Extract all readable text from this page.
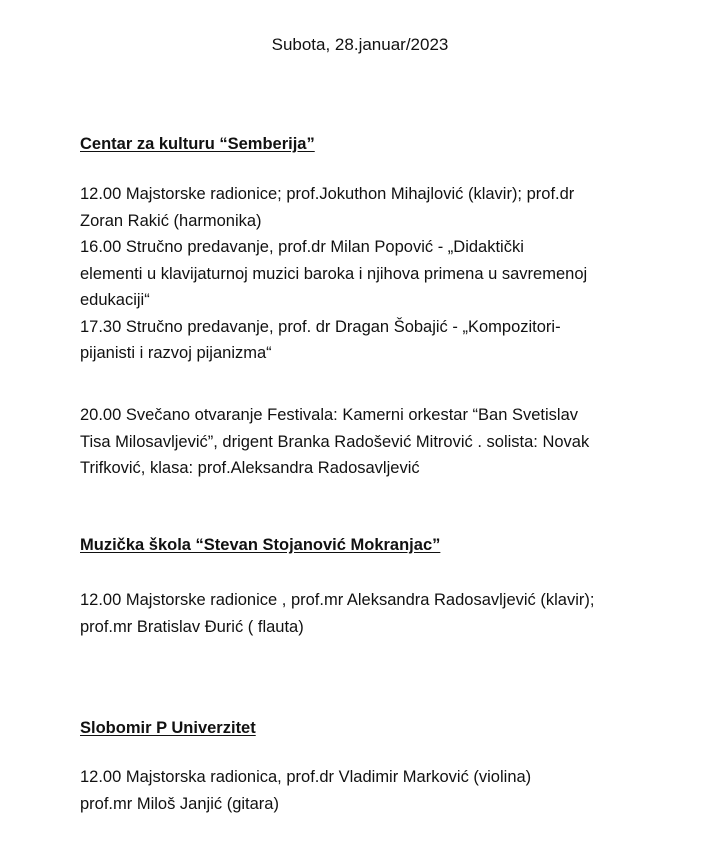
Subota, 28.januar/2023
Centar za kulturu “Semberija”
12.00 Majstorske radionice; prof.Jokuthon Mihajlović (klavir); prof.dr
Zoran Rakić (harmonika)
16.00 Stručno predavanje, prof.dr Milan Popović - „Didaktički
elementi u klavijaturnoj muzici baroka i njihova primena u savremenoj
edukaciji“
17.30 Stručno predavanje, prof. dr Dragan Šobajić - „Kompozitori-
pijanisti i razvoj pijanizma“
20.00 Svečano otvaranje Festivala: Kamerni orkestar “Ban Svetislav
Tisa Milosavljević”, drigent Branka Radošević Mitrović . solista: Novak
Trifković, klasa: prof.Aleksandra Radosavljević
Muzička škola “Stevan Stojanović Mokranjac”
12.00 Majstorske radionice , prof.mr Aleksandra Radosavljević (klavir);
prof.mr Bratislav Đurić ( flauta)
Slobomir P Univerzitet
12.00 Majstorska radionica, prof.dr Vladimir Marković (violina)
prof.mr Miloš Janjić (gitara)
